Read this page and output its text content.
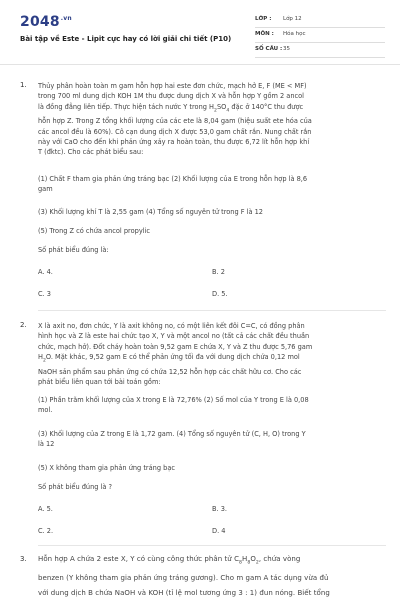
$2048^{.vn}$
Bài tập về Este - Lipit cực hay có lời giải chi tiết (P10)
LỚP : Lớp 12
MÔN : Hóa học
SỐ CÂU : 35
1. Thủy phân hoàn toàn m gam hỗn hợp hai este đơn chức, mạch hở E, F (ME < MF)

trong 700 ml dung dịch KOH 1M thu được dung dịch X và hỗn hợp Y gồm 2 ancol

là đồng đẳng liên tiếp. Thực hiện tách nước Y trong $H_2SO_4$ đặc ở 140°C thu được

hỗn hợp Z. Trong Z tổng khối lượng của các ete là 8,04 gam (hiệu suất ete hóa của

các ancol đều là 60%). Cô cạn dung dịch X được 53,0 gam chất rắn. Nung chất rắn

này với CaO cho đến khi phản ứng xảy ra hoàn toàn, thu được 6,72 lít hỗn hợp khí

T (đktc). Cho các phát biểu sau:

(1) Chất F tham gia phản ứng tráng bạc (2) Khối lượng của E trong hỗn hợp là 8,6

gam

(3) Khối lượng khí T là 2,55 gam (4) Tổng số nguyên tử trong F là 12

(5) Trong Z có chứa ancol propylic

Số phát biểu đúng là:

A. 4.	B. 2
C. 3	D. 5.
2. X là axit no, đơn chức, Y là axit không no, có một liên kết đôi C=C, có đồng phân

hình học và Z là este hai chức tạo X, Y và một ancol no (tất cả các chất đều thuần

chức, mạch hở). Đốt cháy hoàn toàn 9,52 gam E chứa X, Y và Z thu được 5,76 gam

$H_2O$. Mặt khác, 9,52 gam E có thể phản ứng tối đa với dung dịch chứa 0,12 mol

NaOH sản phẩm sau phản ứng có chứa 12,52 hỗn hợp các chất hữu cơ. Cho các

phát biểu liên quan tới bài toán gồm:

(1) Phần trăm khối lượng của X trong E là 72,76% (2) Số mol của Y trong E là 0,08

mol.

(3) Khối lượng của Z trong E là 1,72 gam. (4) Tổng số nguyên tử (C, H, O) trong Y

là 12

(5) X không tham gia phản ứng tráng bạc

Số phát biểu đúng là ?

A. 5.	B. 3.
C. 2.	D. 4
3. Hỗn hợp A chứa 2 este X, Y có cùng công thức phân tử $C_8H_8O_2$, chứa vòng

benzen (Y không tham gia phản ứng tráng gương). Cho m gam A tác dụng vừa đủ

với dung dịch B chứa NaOH và KOH (tỉ lệ mol tương ứng 3 : 1) đun nóng. Biết tổng
